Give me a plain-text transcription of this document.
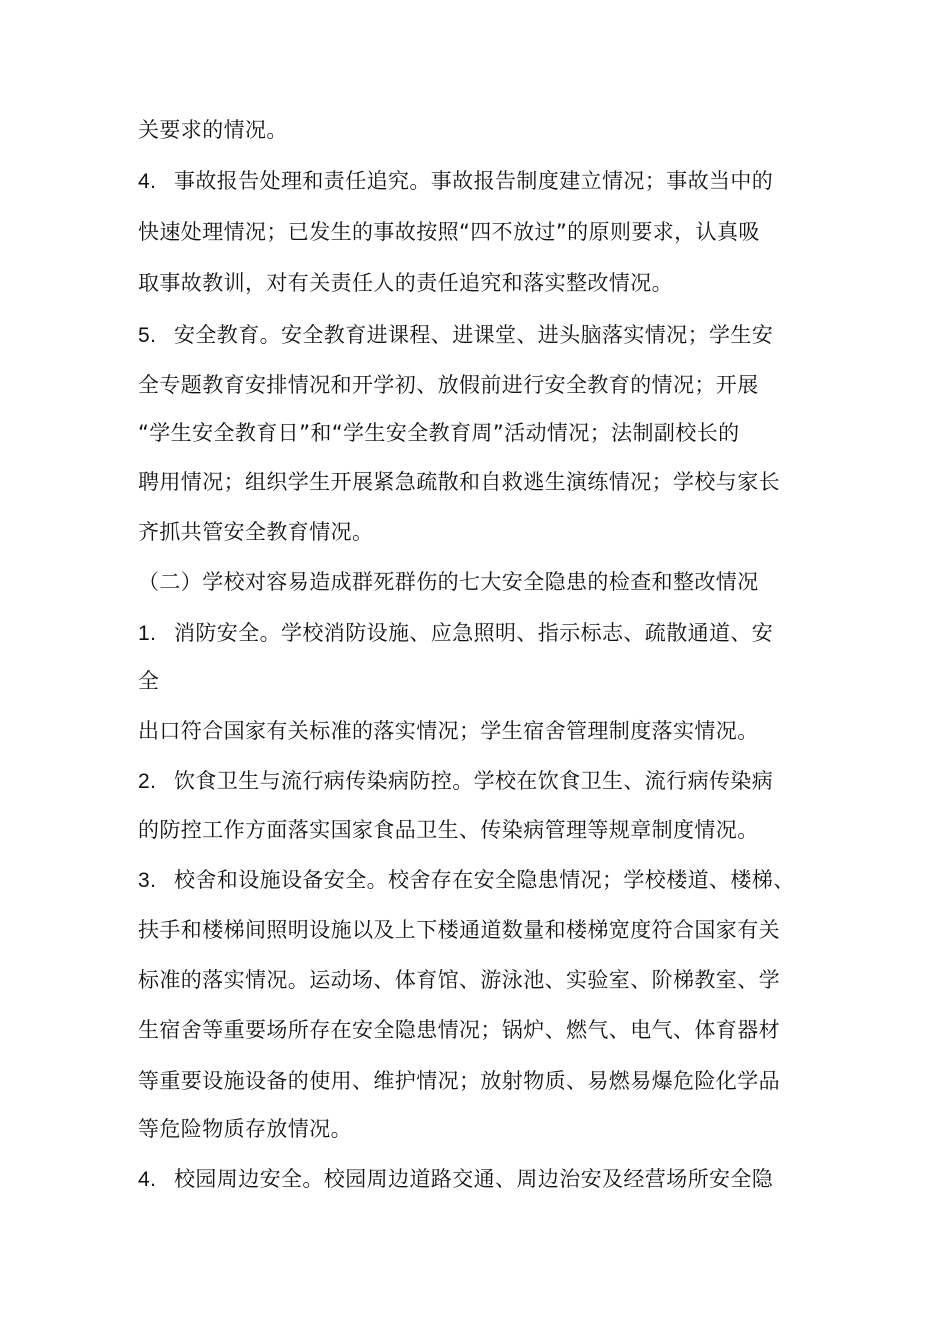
关要求的情况。
4. 事故报告处理和责任追究。事故报告制度建立情况；事故当中的
快速处理情况；已发生的事故按照“四不放过”的原则要求，认真吸
取事故教训，对有关责任人的责任追究和落实整改情况。
5. 安全教育。安全教育进课程、进课堂、进头脑落实情况；学生安
全专题教育安排情况和开学初、放假前进行安全教育的情况；开展
“学生安全教育日”和“学生安全教育周”活动情况；法制副校长的
聘用情况；组织学生开展紧急疏散和自救逃生演练情况；学校与家长
齐抓共管安全教育情况。
（二）学校对容易造成群死群伤的七大安全隐患的检查和整改情况
1. 消防安全。学校消防设施、应急照明、指示标志、疏散通道、安
全
出口符合国家有关标准的落实情况；学生宿舍管理制度落实情况。
2. 饮食卫生与流行病传染病防控。学校在饮食卫生、流行病传染病
的防控工作方面落实国家食品卫生、传染病管理等规章制度情况。
3. 校舍和设施设备安全。校舍存在安全隐患情况；学校楼道、楼梯、
扶手和楼梯间照明设施以及上下楼通道数量和楼梯宽度符合国家有关
标准的落实情况。运动场、体育馆、游泳池、实验室、阶梯教室、学
生宿舍等重要场所存在安全隐患情况；锅炉、燃气、电气、体育器材
等重要设施设备的使用、维护情况；放射物质、易燃易爆危险化学品
等危险物质存放情况。
4. 校园周边安全。校园周边道路交通、周边治安及经营场所安全隐
